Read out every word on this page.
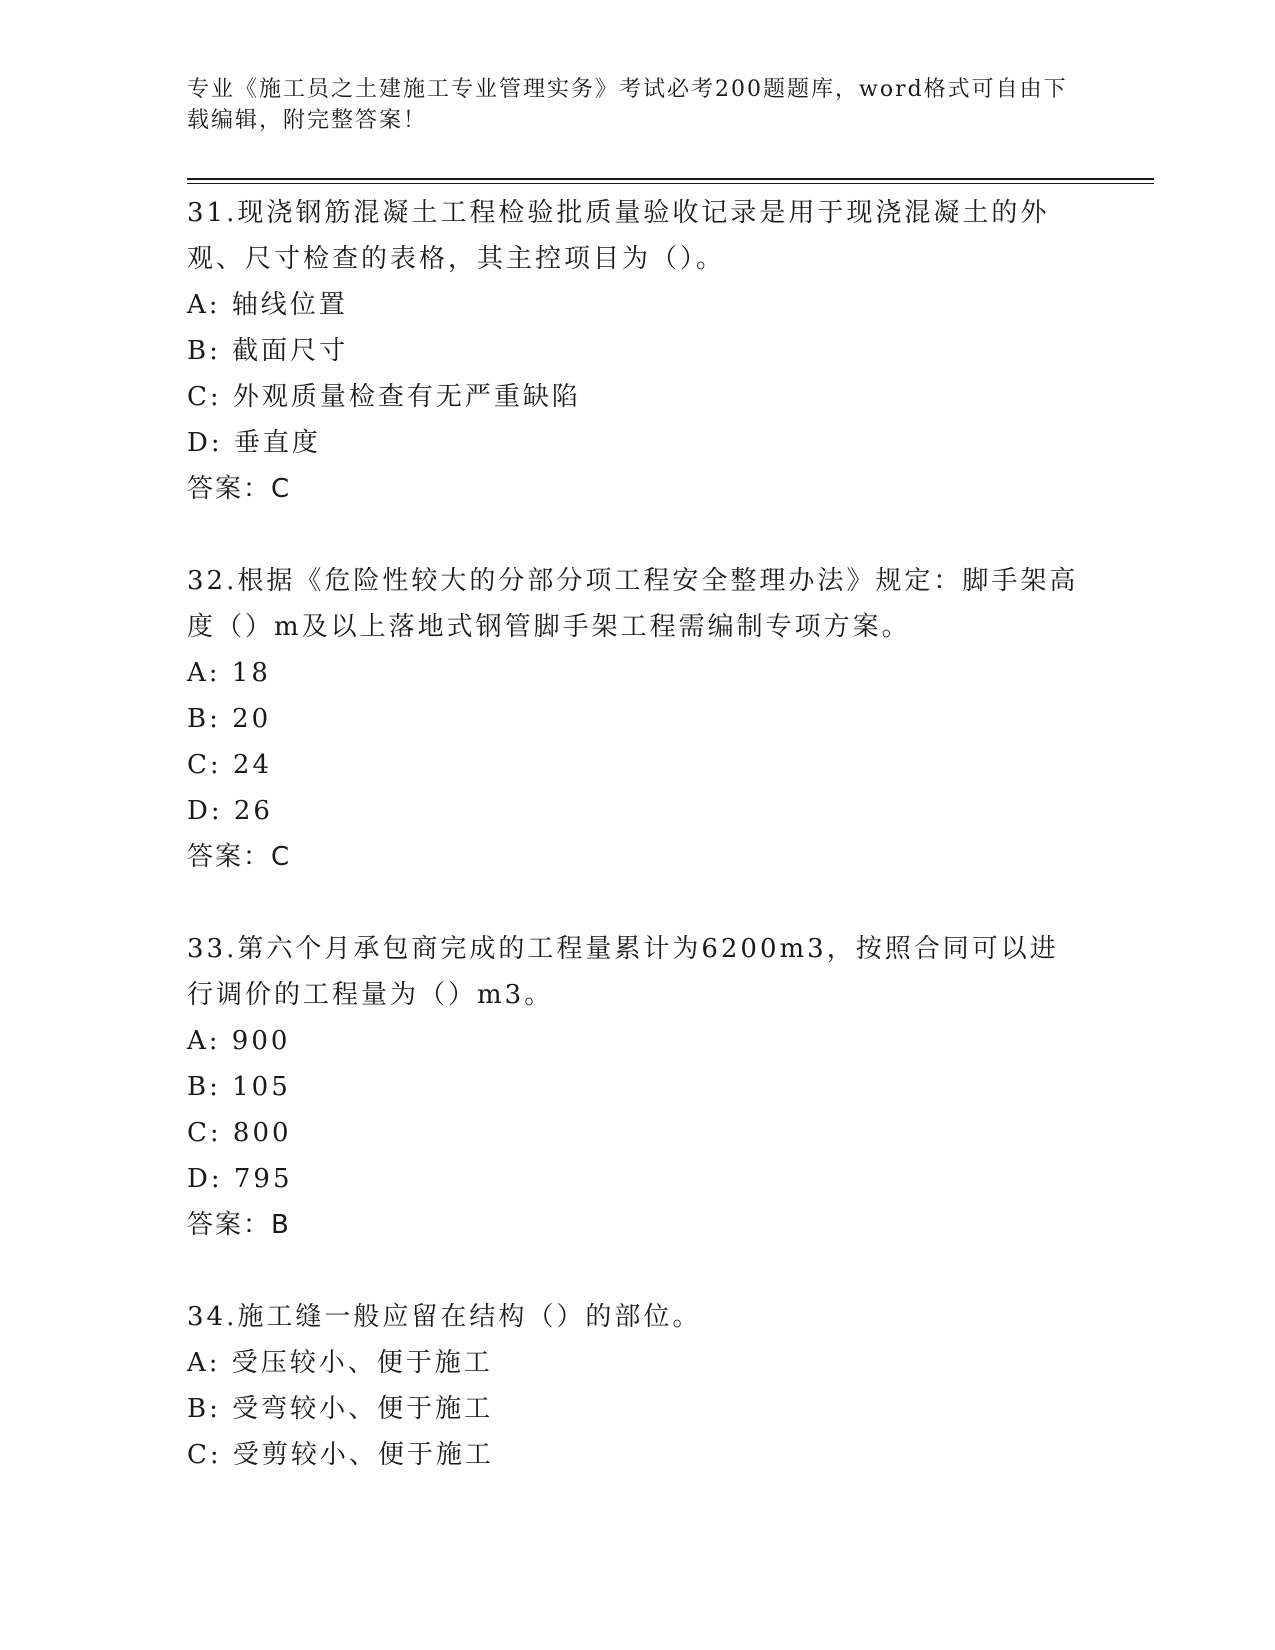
专业《施工员之土建施工专业管理实务》考试必考200题题库，word格式可自由下载编辑，附完整答案！
31.现浇钢筋混凝土工程检验批质量验收记录是用于现浇混凝土的外观、尺寸检查的表格，其主控项目为（）。
A: 轴线位置
B: 截面尺寸
C: 外观质量检查有无严重缺陷
D: 垂直度
答案：C
32.根据《危险性较大的分部分项工程安全整理办法》规定：脚手架高度（）m及以上落地式钢管脚手架工程需编制专项方案。
A: 18
B: 20
C: 24
D: 26
答案：C
33.第六个月承包商完成的工程量累计为6200m3，按照合同可以进行调价的工程量为（）m3。
A: 900
B: 105
C: 800
D: 795
答案：B
34.施工缝一般应留在结构（）的部位。
A: 受压较小、便于施工
B: 受弯较小、便于施工
C: 受剪较小、便于施工
